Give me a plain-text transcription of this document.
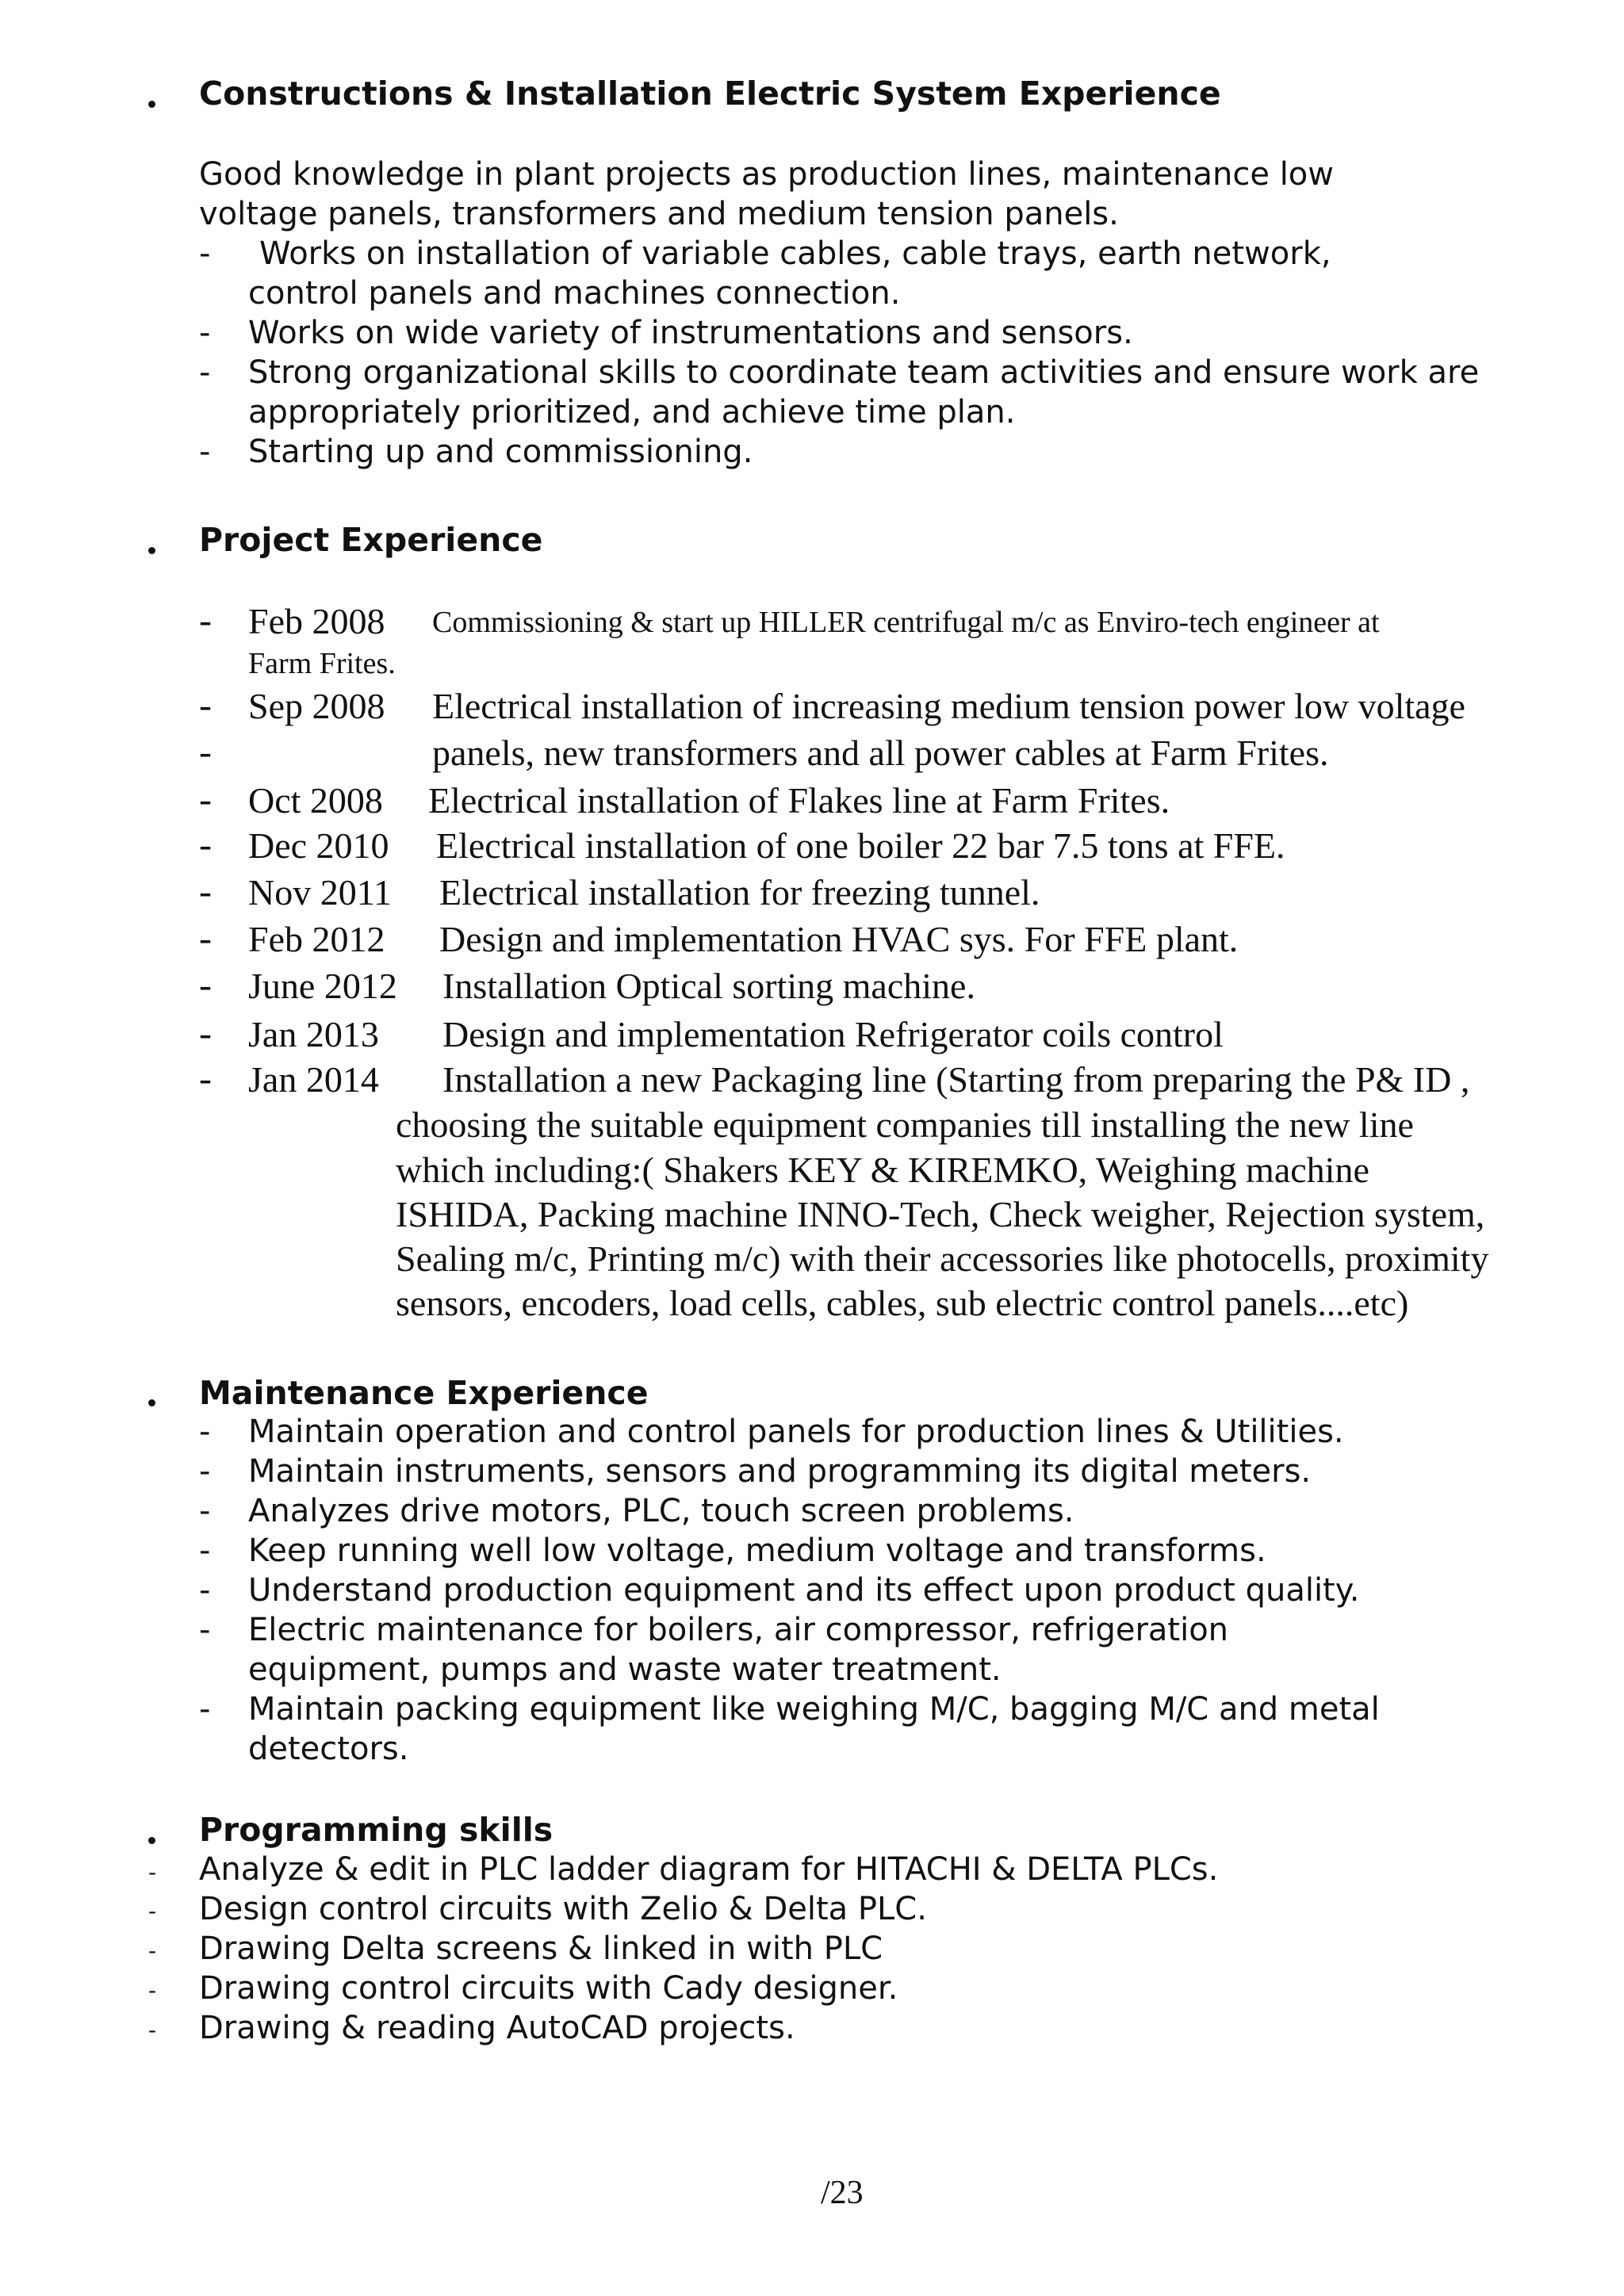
Constructions & Installation Electric System Experience
Good knowledge in plant projects as production lines, maintenance low
voltage panels, transformers and medium tension panels.
- Works on installation of variable cables, cable trays, earth network,
control panels and machines connection.
- Works on wide variety of instrumentations and sensors.
- Strong organizational skills to coordinate team activities and ensure work are
appropriately prioritized, and achieve time plan.
- Starting up and commissioning.
Project Experience
- Feb 2008 Commissioning & start up HILLER centrifugal m/c as Enviro-tech engineer at
Farm Frites.
- Sep 2008 Electrical installation of increasing medium tension power low voltage
-	panels, new transformers and all power cables at Farm Frites.
- Oct 2008 Electrical installation of Flakes line at Farm Frites.
- Dec 2010 Electrical installation of one boiler 22 bar 7.5 tons at FFE.
- Nov 2011 Electrical installation for freezing tunnel.
- Feb 2012 Design and implementation HVAC sys. For FFE plant.
- June 2012 Installation Optical sorting machine.
- Jan 2013 Design and implementation Refrigerator coils control
- Jan 2014 Installation a new Packaging line (Starting from preparing the P& ID ,
choosing the suitable equipment companies till installing the new line
which including:( Shakers KEY & KIREMKO, Weighing machine
ISHIDA, Packing machine INNO-Tech, Check weigher, Rejection system,
Sealing m/c, Printing m/c) with their accessories like photocells, proximity
sensors, encoders, load cells, cables, sub electric control panels....etc)
Maintenance Experience
- Maintain operation and control panels for production lines & Utilities.
- Maintain instruments, sensors and programming its digital meters.
- Analyzes drive motors, PLC, touch screen problems.
- Keep running well low voltage, medium voltage and transforms.
- Understand production equipment and its effect upon product quality.
- Electric maintenance for boilers, air compressor, refrigeration
equipment, pumps and waste water treatment.
- Maintain packing equipment like weighing M/C, bagging M/C and metal
detectors.
Programming skills
- Analyze & edit in PLC ladder diagram for HITACHI & DELTA PLCs.
- Design control circuits with Zelio & Delta PLC.
- Drawing Delta screens & linked in with PLC
- Drawing control circuits with Cady designer.
- Drawing & reading AutoCAD projects.
/23
